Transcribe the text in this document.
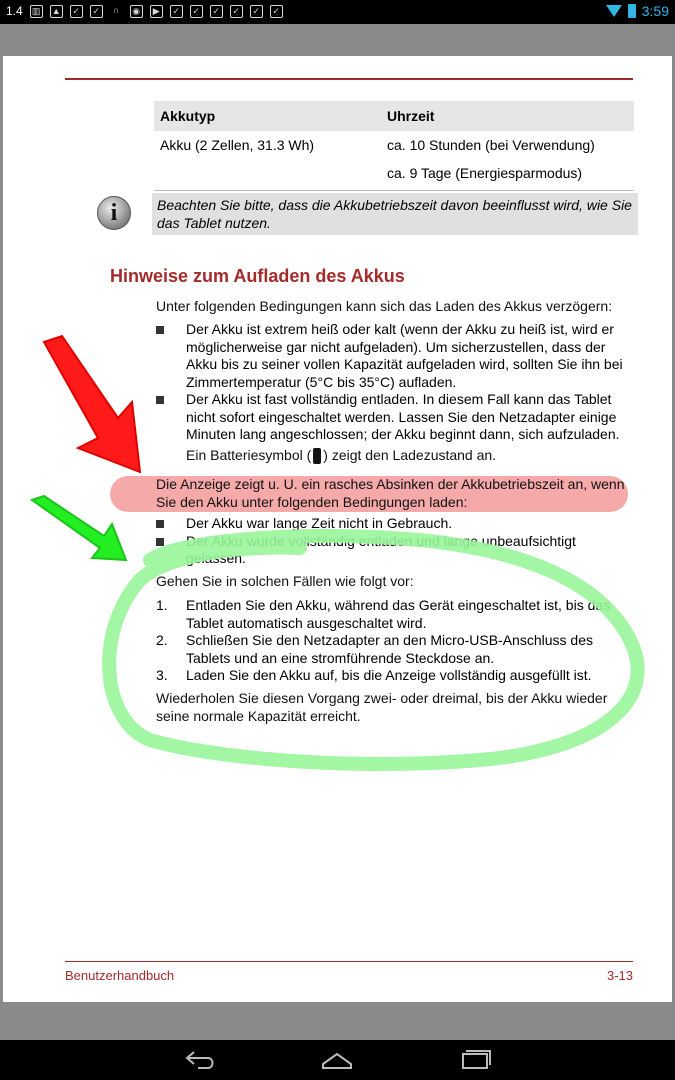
1.4 ▥ ▲	✓	✓	∩	◉	▶	✓	✓	✓	✓	✓	✓	3:59
Akkutyp	Uhrzeit
Akku (2 Zellen, 31.3 Wh)	ca. 10 Stunden (bei Verwendung)
	ca. 9 Tage (Energiesparmodus)
i	Beachten Sie bitte, dass die Akkubetriebszeit davon beeinflusst wird, wie Sie das Tablet nutzen.
Hinweise zum Aufladen des Akkus
Unter folgenden Bedingungen kann sich das Laden des Akkus verzögern:
Der Akku ist extrem heiß oder kalt (wenn der Akku zu heiß ist, wird er möglicherweise gar nicht aufgeladen). Um sicherzustellen, dass der Akku bis zu seiner vollen Kapazität aufgeladen wird, sollten Sie ihn bei Zimmertemperatur (5°C bis 35°C) aufladen.
Der Akku ist fast vollständig entladen. In diesem Fall kann das Tablet nicht sofort eingeschaltet werden. Lassen Sie den Netzadapter einige Minuten lang angeschlossen; der Akku beginnt dann, sich aufzuladen.
Ein Batteriesymbol ( ) zeigt den Ladezustand an.
Die Anzeige zeigt u. U. ein rasches Absinken der Akkubetriebszeit an, wenn Sie den Akku unter folgenden Bedingungen laden:
Der Akku war lange Zeit nicht in Gebrauch.
Der Akku wurde vollständig entladen und lange unbeaufsichtigt gelassen.
Gehen Sie in solchen Fällen wie folgt vor:
1. Entladen Sie den Akku, während das Gerät eingeschaltet ist, bis das Tablet automatisch ausgeschaltet wird.
2. Schließen Sie den Netzadapter an den Micro-USB-Anschluss des Tablets und an eine stromführende Steckdose an.
3. Laden Sie den Akku auf, bis die Anzeige vollständig ausgefüllt ist.
Wiederholen Sie diesen Vorgang zwei- oder dreimal, bis der Akku wieder seine normale Kapazität erreicht.
Benutzerhandbuch	3-13
